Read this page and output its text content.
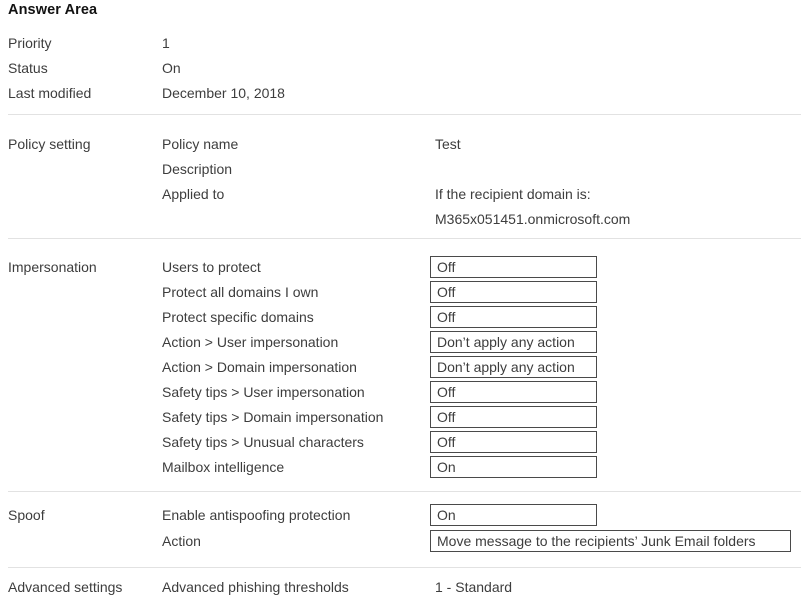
Answer Area
Priority	1
Status	On
Last modified	December 10, 2018
Policy setting	Policy name	Test
Description
Applied to	If the recipient domain is:
M365x051451.onmicrosoft.com
Impersonation	Users to protect	Off
Protect all domains I own	Off
Protect specific domains	Off
Action > User impersonation	Don’t apply any action
Action > Domain impersonation	Don’t apply any action
Safety tips > User impersonation	Off
Safety tips > Domain impersonation	Off
Safety tips > Unusual characters	Off
Mailbox intelligence	On
Spoof	Enable antispoofing protection	On
Action	Move message to the recipients’ Junk Email folders
Advanced settings	Advanced phishing thresholds	1 - Standard
